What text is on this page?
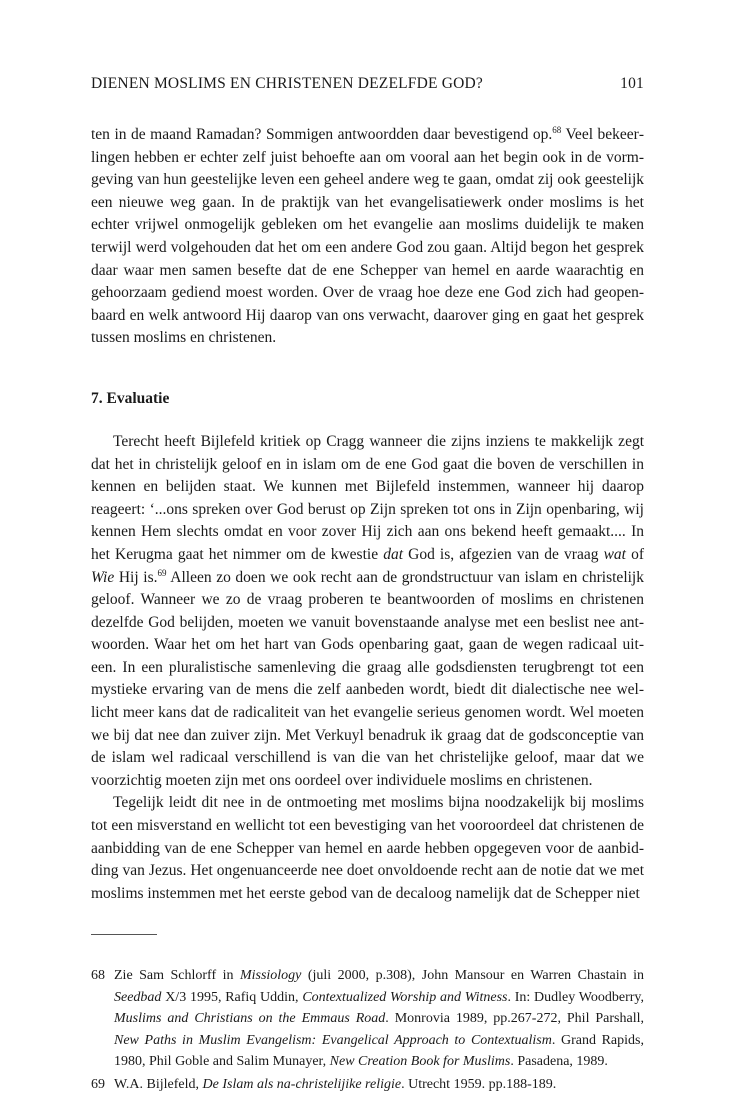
DIENEN MOSLIMS EN CHRISTENEN DEZELFDE GOD?	101

ten in de maand Ramadan? Sommigen antwoordden daar bevestigend op.$^{68}$ Veel bekeerlingen hebben er echter zelf juist behoefte aan om vooral aan het begin ook in de vormgeving van hun geestelijke leven een geheel andere weg te gaan, omdat zij ook geestelijk een nieuwe weg gaan. In de praktijk van het evangelisatiewerk onder moslims is het echter vrijwel onmogelijk gebleken om het evangelie aan moslims duidelijk te maken terwijl werd volgehouden dat het om een andere God zou gaan. Altijd begon het gesprek daar waar men samen besefte dat de ene Schepper van hemel en aarde waarachtig en gehoorzaam gediend moest worden. Over de vraag hoe deze ene God zich had geopenbaard en welk antwoord Hij daarop van ons verwacht, daarover ging en gaat het gesprek tussen moslims en christenen.

7. Evaluatie

Terecht heeft Bijlefeld kritiek op Cragg wanneer die zijns inziens te makkelijk zegt dat het in christelijk geloof en in islam om de ene God gaat die boven de verschillen in kennen en belijden staat. We kunnen met Bijlefeld instemmen, wanneer hij daarop reageert: ‘...ons spreken over God berust op Zijn spreken tot ons in Zijn openbaring, wij kennen Hem slechts omdat en voor zover Hij zich aan ons bekend heeft gemaakt.... In het Kerugma gaat het nimmer om de kwestie dat God is, afgezien van de vraag wat of Wie Hij is.$^{69}$ Alleen zo doen we ook recht aan de grondstructuur van islam en christelijk geloof. Wanneer we zo de vraag proberen te beantwoorden of moslims en christenen dezelfde God belijden, moeten we vanuit bovenstaande analyse met een beslist nee antwoorden. Waar het om het hart van Gods openbaring gaat, gaan de wegen radicaal uiteen. In een pluralistische samenleving die graag alle godsdiensten terugbrengt tot een mystieke ervaring van de mens die zelf aanbeden wordt, biedt dit dialectische nee wellicht meer kans dat de radicaliteit van het evangelie serieus genomen wordt. Wel moeten we bij dat nee dan zuiver zijn. Met Verkuyl benadruk ik graag dat de godsconceptie van de islam wel radicaal verschillend is van die van het christelijke geloof, maar dat we voorzichtig moeten zijn met ons oordeel over individuele moslims en christenen.

Tegelijk leidt dit nee in de ontmoeting met moslims bijna noodzakelijk bij moslims tot een misverstand en wellicht tot een bevestiging van het vooroordeel dat christenen de aanbidding van de ene Schepper van hemel en aarde hebben opgegeven voor de aanbidding van Jezus. Het ongenuanceerde nee doet onvoldoende recht aan de notie dat we met moslims instemmen met het eerste gebod van de decaloog namelijk dat de Schepper niet

68 Zie Sam Schlorff in Missiology (juli 2000, p.308), John Mansour en Warren Chastain in Seedbad X/3 1995, Rafiq Uddin, Contextualized Worship and Witness. In: Dudley Woodberry, Muslims and Christians on the Emmaus Road. Monrovia 1989, pp.267-272, Phil Parshall, New Paths in Muslim Evangelism: Evangelical Approach to Contextualism. Grand Rapids, 1980, Phil Goble and Salim Munayer, New Creation Book for Muslims. Pasadena, 1989.
69 W.A. Bijlefeld, De Islam als na-christelijike religie. Utrecht 1959. pp.188-189.
